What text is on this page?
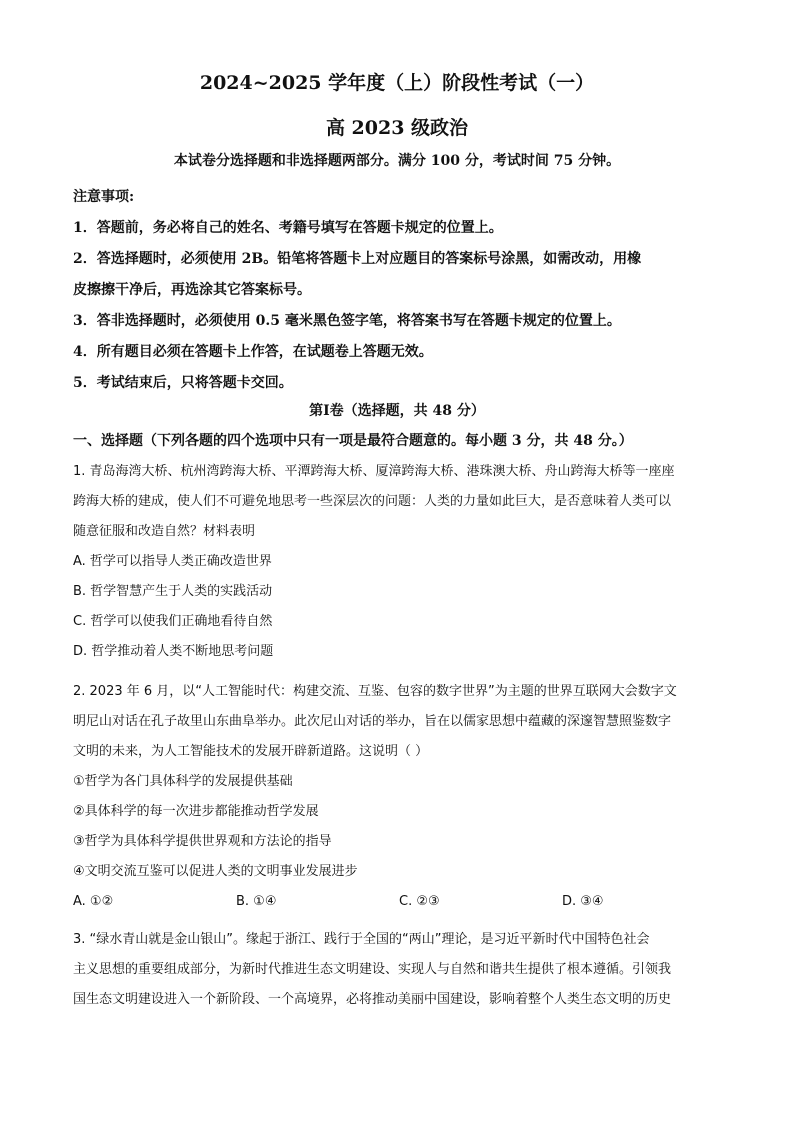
2024~2025 学年度（上）阶段性考试（一）
高 2023 级政治
本试卷分选择题和非选择题两部分。满分 100 分，考试时间 75 分钟。
注意事项:
1．答题前，务必将自己的姓名、考籍号填写在答题卡规定的位置上。
2．答选择题时，必须使用 2B。铅笔将答题卡上对应题目的答案标号涂黑，如需改动，用橡
皮擦擦干净后，再选涂其它答案标号。
3．答非选择题时，必须使用 0.5 毫米黑色签字笔，将答案书写在答题卡规定的位置上。
4．所有题目必须在答题卡上作答，在试题卷上答题无效。
5．考试结束后，只将答题卡交回。
第Ⅰ卷（选择题，共 48 分）
一、选择题（下列各题的四个选项中只有一项是最符合题意的。每小题 3 分，共 48 分。）
1. 青岛海湾大桥、杭州湾跨海大桥、平潭跨海大桥、厦漳跨海大桥、港珠澳大桥、舟山跨海大桥等一座座
跨海大桥的建成，使人们不可避免地思考一些深层次的问题：人类的力量如此巨大，是否意味着人类可以
随意征服和改造自然？材料表明
A. 哲学可以指导人类正确改造世界
B. 哲学智慧产生于人类的实践活动
C. 哲学可以使我们正确地看待自然
D. 哲学推动着人类不断地思考问题
2. 2023 年 6 月，以“人工智能时代：构建交流、互鉴、包容的数字世界”为主题的世界互联网大会数字文
明尼山对话在孔子故里山东曲阜举办。此次尼山对话的举办，旨在以儒家思想中蕴藏的深邃智慧照鉴数字
文明的未来，为人工智能技术的发展开辟新道路。这说明（ ）
①哲学为各门具体科学的发展提供基础
②具体科学的每一次进步都能推动哲学发展
③哲学为具体科学提供世界观和方法论的指导
④文明交流互鉴可以促进人类的文明事业发展进步
A. ①②	B. ①④	C. ②③	D. ③④
3. “绿水青山就是金山银山”。缘起于浙江、践行于全国的“两山”理论，是习近平新时代中国特色社会
主义思想的重要组成部分，为新时代推进生态文明建设、实现人与自然和谐共生提供了根本遵循。引领我
国生态文明建设进入一个新阶段、一个高境界，必将推动美丽中国建设，影响着整个人类生态文明的历史
